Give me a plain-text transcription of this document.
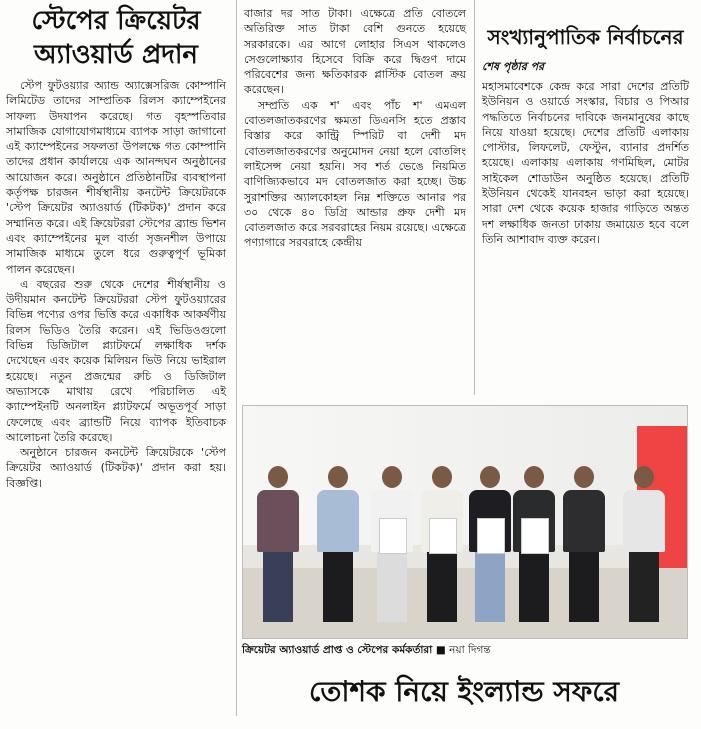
স্টেপের ক্রিয়েটর অ্যাওয়ার্ড প্রদান

স্টেপ ফুটওয়্যার অ্যান্ড অ্যাক্সেসরিজ কোম্পানি লিমিটেড তাদের সাম্প্রতিক রিলস ক্যাম্পেইনের সাফল্য উদযাপন করেছে। গত বৃহস্পতিবার সামাজিক যোগাযোগমাধ্যমে ব্যাপক সাড়া জাগানো এই ক্যাম্পেইনের সফলতা উপলক্ষে গত কোম্পানি তাদের প্রধান কার্যালয়ে এক আনন্দঘন অনুষ্ঠানের আয়োজন করে। অনুষ্ঠানে প্রতিষ্ঠানটির ব্যবস্থাপনা কর্তৃপক্ষ চারজন শীর্ষস্থানীয় কনটেন্ট ক্রিয়েটরকে 'স্টেপ ক্রিয়েটর অ্যাওয়ার্ড (টিকটক)' প্রদান করে সম্মানিত করে। এই ক্রিয়েটররা স্টেপের ব্র্যান্ড ভিশন এবং ক্যাম্পেইনের মূল বার্তা সৃজনশীল উপায়ে সামাজিক মাধ্যমে তুলে ধরে গুরুত্বপূর্ণ ভূমিকা পালন করেছেন।

এ বছরের শুরু থেকে দেশের শীর্ষস্থানীয় ও উদীয়মান কনটেন্ট ক্রিয়েটররা স্টেপ ফুটওয়্যারের বিভিন্ন পণ্যের ওপর ভিত্তি করে একাধিক আকর্ষণীয় রিলস ভিডিও তৈরি করেন। এই ভিডিওগুলো বিভিন্ন ডিজিটাল প্ল্যাটফর্মে লক্ষাধিক দর্শক দেখেছেন এবং কয়েক মিলিয়ন ভিউ নিয়ে ভাইরাল হয়েছে। নতুন প্রজন্মের রুচি ও ডিজিটাল অভ্যাসকে মাথায় রেখে পরিচালিত এই ক্যাম্পেইনটি অনলাইন প্ল্যাটফর্মে অভূতপূর্ব সাড়া ফেলেছে এবং ব্র্যান্ডটি নিয়ে ব্যাপক ইতিবাচক আলোচনা তৈরি করেছে।

অনুষ্ঠানে চারজন কনটেন্ট ক্রিয়েটরকে 'স্টেপ ক্রিয়েটর অ্যাওয়ার্ড (টিকটক)' প্রদান করা হয়। বিজ্ঞপ্তি।

বাজার দর সাত টাকা। এক্ষেত্রে প্রতি বোতলে অতিরিক্ত সাত টাকা বেশি গুনতে হয়েছে সরকারকে। এর আগে লোহার সিএস থাকলেও সেগুলোক্ষ্যাব হিসেবে বিক্রি করে দ্বিগুণ দামে পরিবেশের জন্য ক্ষতিকারক প্লাস্টিক বোতল ক্রয় করেছেন।

সম্প্রতি এক শ' এবং পাঁচ শ' এমএল বোতলজাতকরণের ক্ষমতা ডিএনসি হতে প্রস্তাব বিস্তার করে কান্ট্রি স্পিরিট বা দেশী মদ বোতলজাতকরণের অনুমোদন নেয়া হলে বোতলিং লাইসেন্স নেয়া হয়নি। সব শর্ত ভেঙে নিয়মিত বাণিজ্যিকভাবে মদ বোতলজাত করা হচ্ছে। উচ্চ সুরাশক্তির অ্যালকোহল নিম্ন শক্তিতে আনার পর ৩০ থেকে ৪০ ডিগ্রি আন্ডার প্রুফ দেশী মদ বোতলজাত করে সরবরাহের নিয়ম রয়েছে। এক্ষেত্রে পণ্যাগারে সরবরাহে কেন্দ্রীয়

সংখ্যানুপাতিক নির্বাচনের
শেষ পৃষ্ঠার পর

মহাসমাবেশকে কেন্দ্র করে সারা দেশের প্রতিটি ইউনিয়ন ও ওয়ার্ডে সংস্কার, বিচার ও পিআর পদ্ধতিতে নির্বাচনের দাবিকে জনমানুষের কাছে নিয়ে যাওয়া হয়েছে। দেশের প্রতিটি এলাকায় পোস্টার, লিফলেট, ফেস্টুন, ব্যানার প্রদর্শিত হয়েছে। এলাকায় এলাকায় গণমিছিল, মোটর সাইকেল শোডাউন অনুষ্ঠিত হয়েছে। প্রতিটি ইউনিয়ন থেকেই যানবহন ভাড়া করা হয়েছে। সারা দেশ থেকে কয়েক হাজার গাড়িতে অন্তত দশ লক্ষাধিক জনতা ঢাকায় জমায়েত হবে বলে তিনি আশাবাদ ব্যক্ত করেন।

ক্রিয়েটর অ্যাওয়ার্ড প্রাপ্ত ও স্টেপের কর্মকর্তারা ■ নয়া দিগন্ত
তোশক নিয়ে ইংল্যান্ড সফরে
